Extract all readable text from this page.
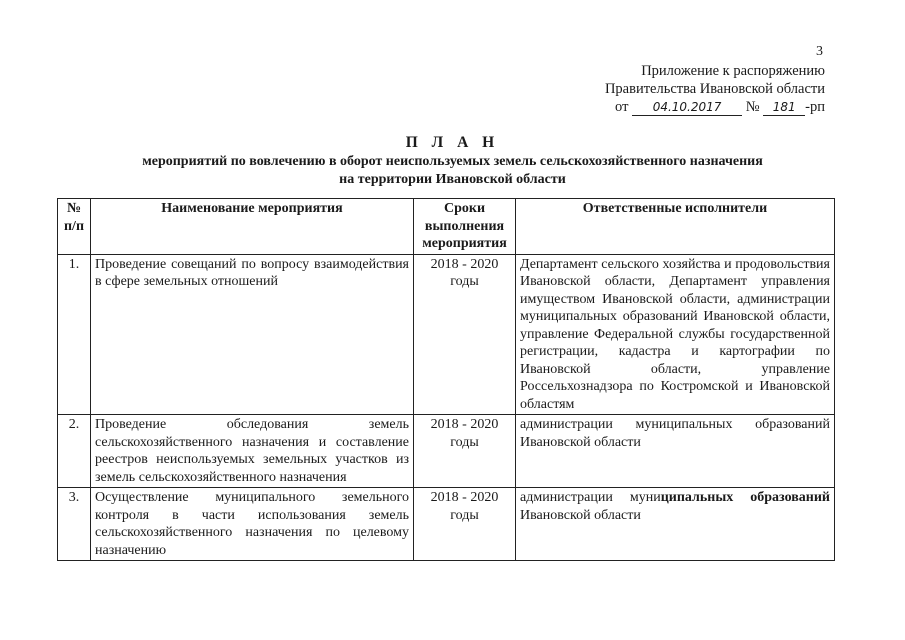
3
Приложение к распоряжению
Правительства Ивановской области
от 04.10.2017 № 181 -рп
П Л А Н
мероприятий по вовлечению в оборот неиспользуемых земель сельскохозяйственного назначения
на территории Ивановской области
№ п/п	Наименование мероприятия	Сроки выполнения мероприятия	Ответственные исполнители
1.	Проведение совещаний по вопросу взаимодействия в сфере земельных отношений	2018 - 2020 годы	Департамент сельского хозяйства и продовольствия Ивановской области, Департамент управления имуществом Ивановской области, администрации муниципальных образований Ивановской области, управление Федеральной службы государственной регистрации, кадастра и картографии по Ивановской области, управление Россельхознадзора по Костромской и Ивановской областям
2.	Проведение обследования земель сельскохозяйственного назначения и составление реестров неиспользуемых земельных участков из земель сельскохозяйственного назначения	2018 - 2020 годы	администрации муниципальных образований Ивановской области
3.	Осуществление муниципального земельного контроля в части использования земель сельскохозяйственного назначения по целевому назначению	2018 - 2020 годы	администрации муниципальных образований Ивановской области
